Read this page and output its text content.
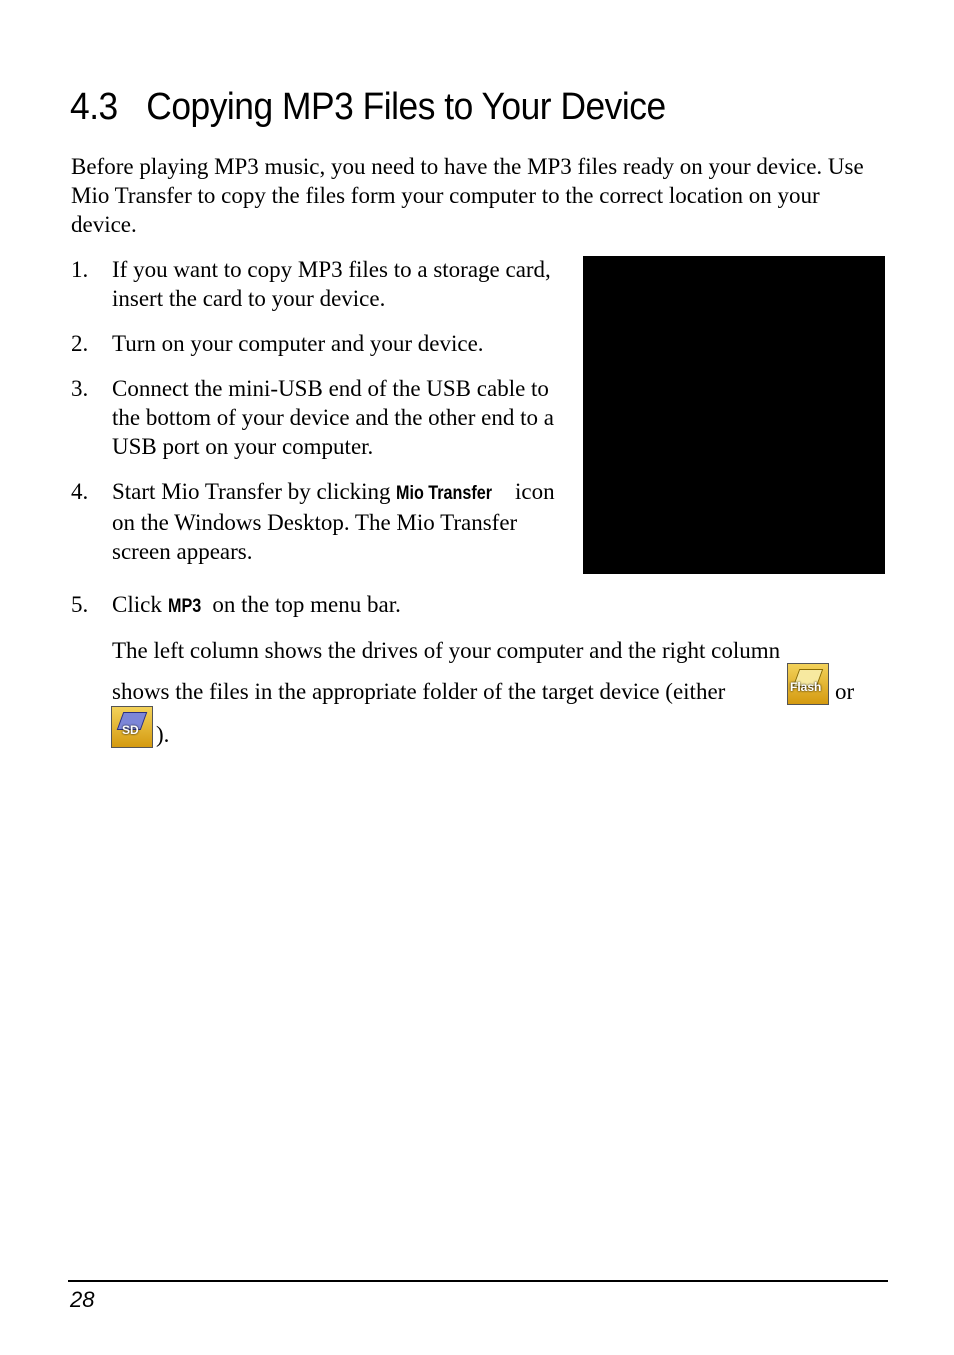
4.3 Copying MP3 Files to Your Device

Before playing MP3 music, you need to have the MP3 files ready on your device. Use Mio Transfer to copy the files form your computer to the correct location on your device.

1. If you want to copy MP3 files to a storage card, insert the card to your device.
2. Turn on your computer and your device.
3. Connect the mini-USB end of the USB cable to the bottom of your device and the other end to a USB port on your computer.
4. Start Mio Transfer by clicking Mio Transfer icon on the Windows Desktop. The Mio Transfer screen appears.
5. Click MP3 on the top menu bar.
The left column shows the drives of your computer and the right column
shows the files in the appropriate folder of the target device (either	Flash or
SD ).
28
